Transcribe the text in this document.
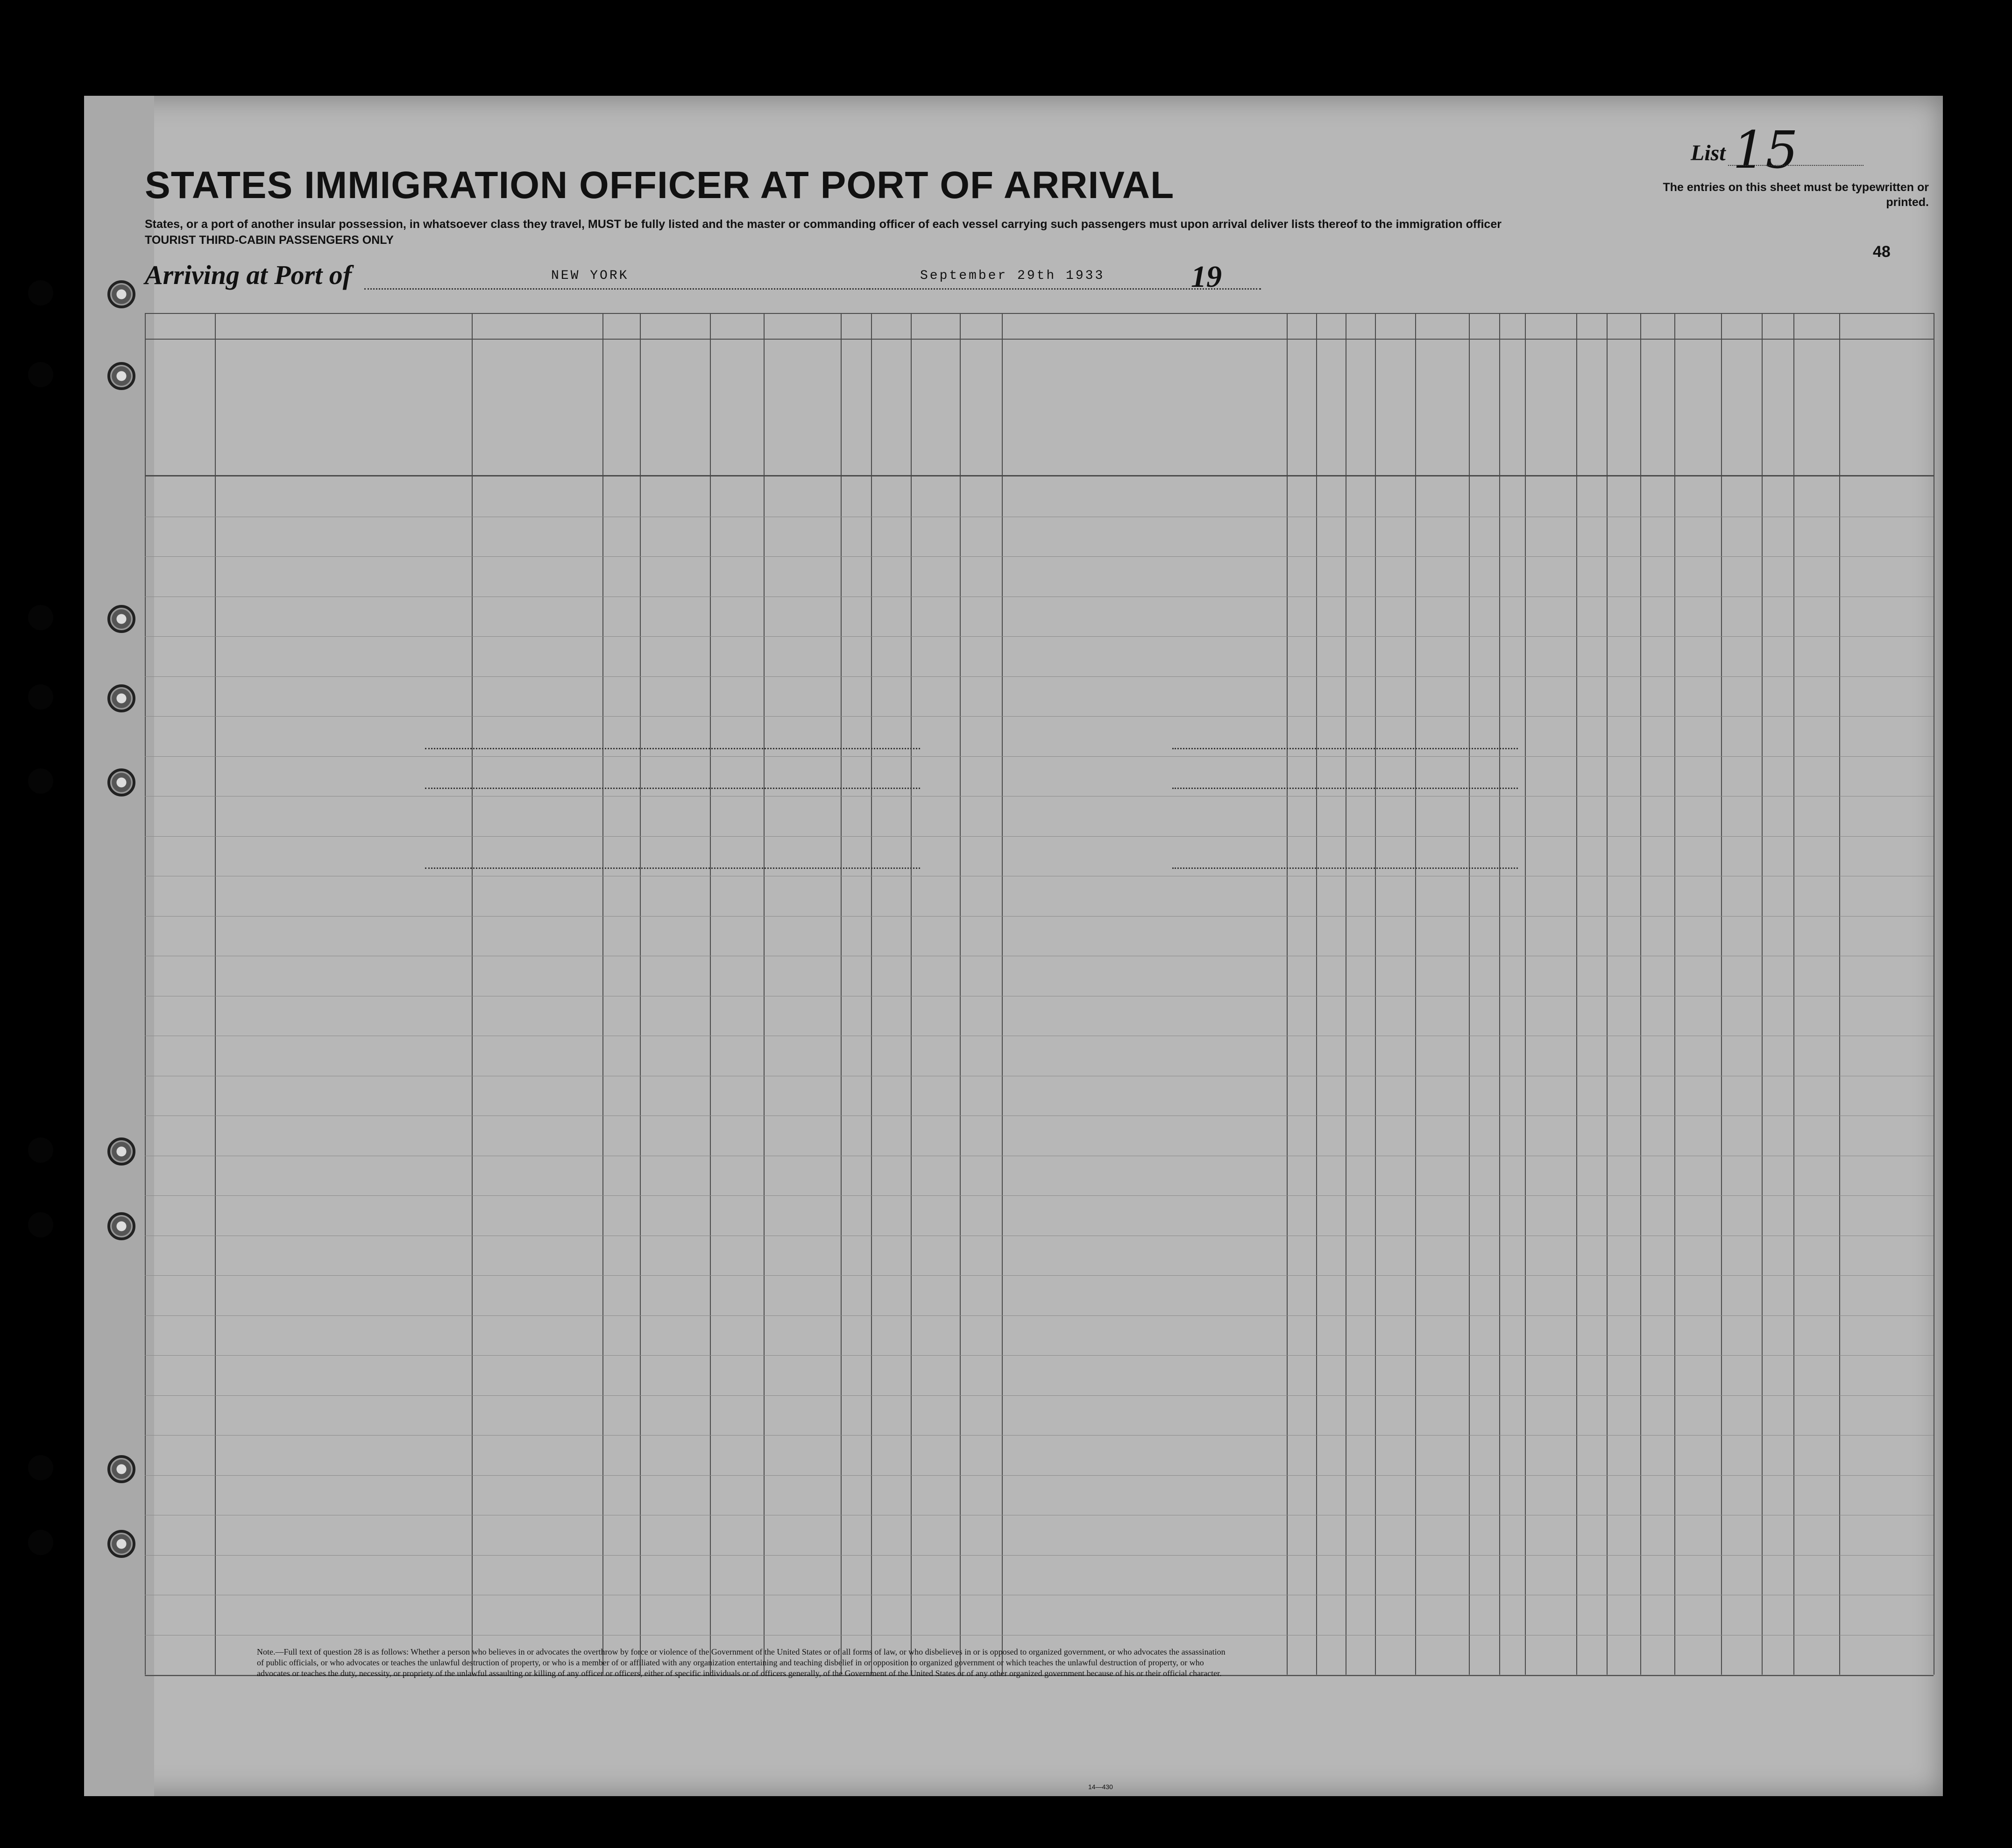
STATES IMMIGRATION OFFICER AT PORT OF ARRIVAL
States, or a port of another insular possession, in whatsoever class they travel, MUST be fully listed and the master or commanding officer of each vessel carrying such passengers must upon arrival deliver lists thereof to the immigration officer
TOURIST THIRD-CABIN PASSENGERS ONLY
List 15
The entries on this sheet must be typewritten or printed.
48
Arriving at Port of	NEW YORK	September 29th 1933	19
Note.—Full text of question 28 is as follows: Whether a person who believes in or advocates the overthrow by force or violence of the Government of the United States or of all forms of law, or who disbelieves in or is opposed to organized government, or who advocates the assassination of public officials, or who advocates or teaches the unlawful destruction of property, or who is a member of or affiliated with any organization entertaining and teaching disbelief in or opposition to organized government or which teaches the unlawful destruction of property, or who advocates or teaches the duty, necessity, or propriety of the unlawful assaulting or killing of any officer or officers, either of specific individuals or of officers generally, of the Government of the United States or of any other organized government because of his or their official character.
14—430
